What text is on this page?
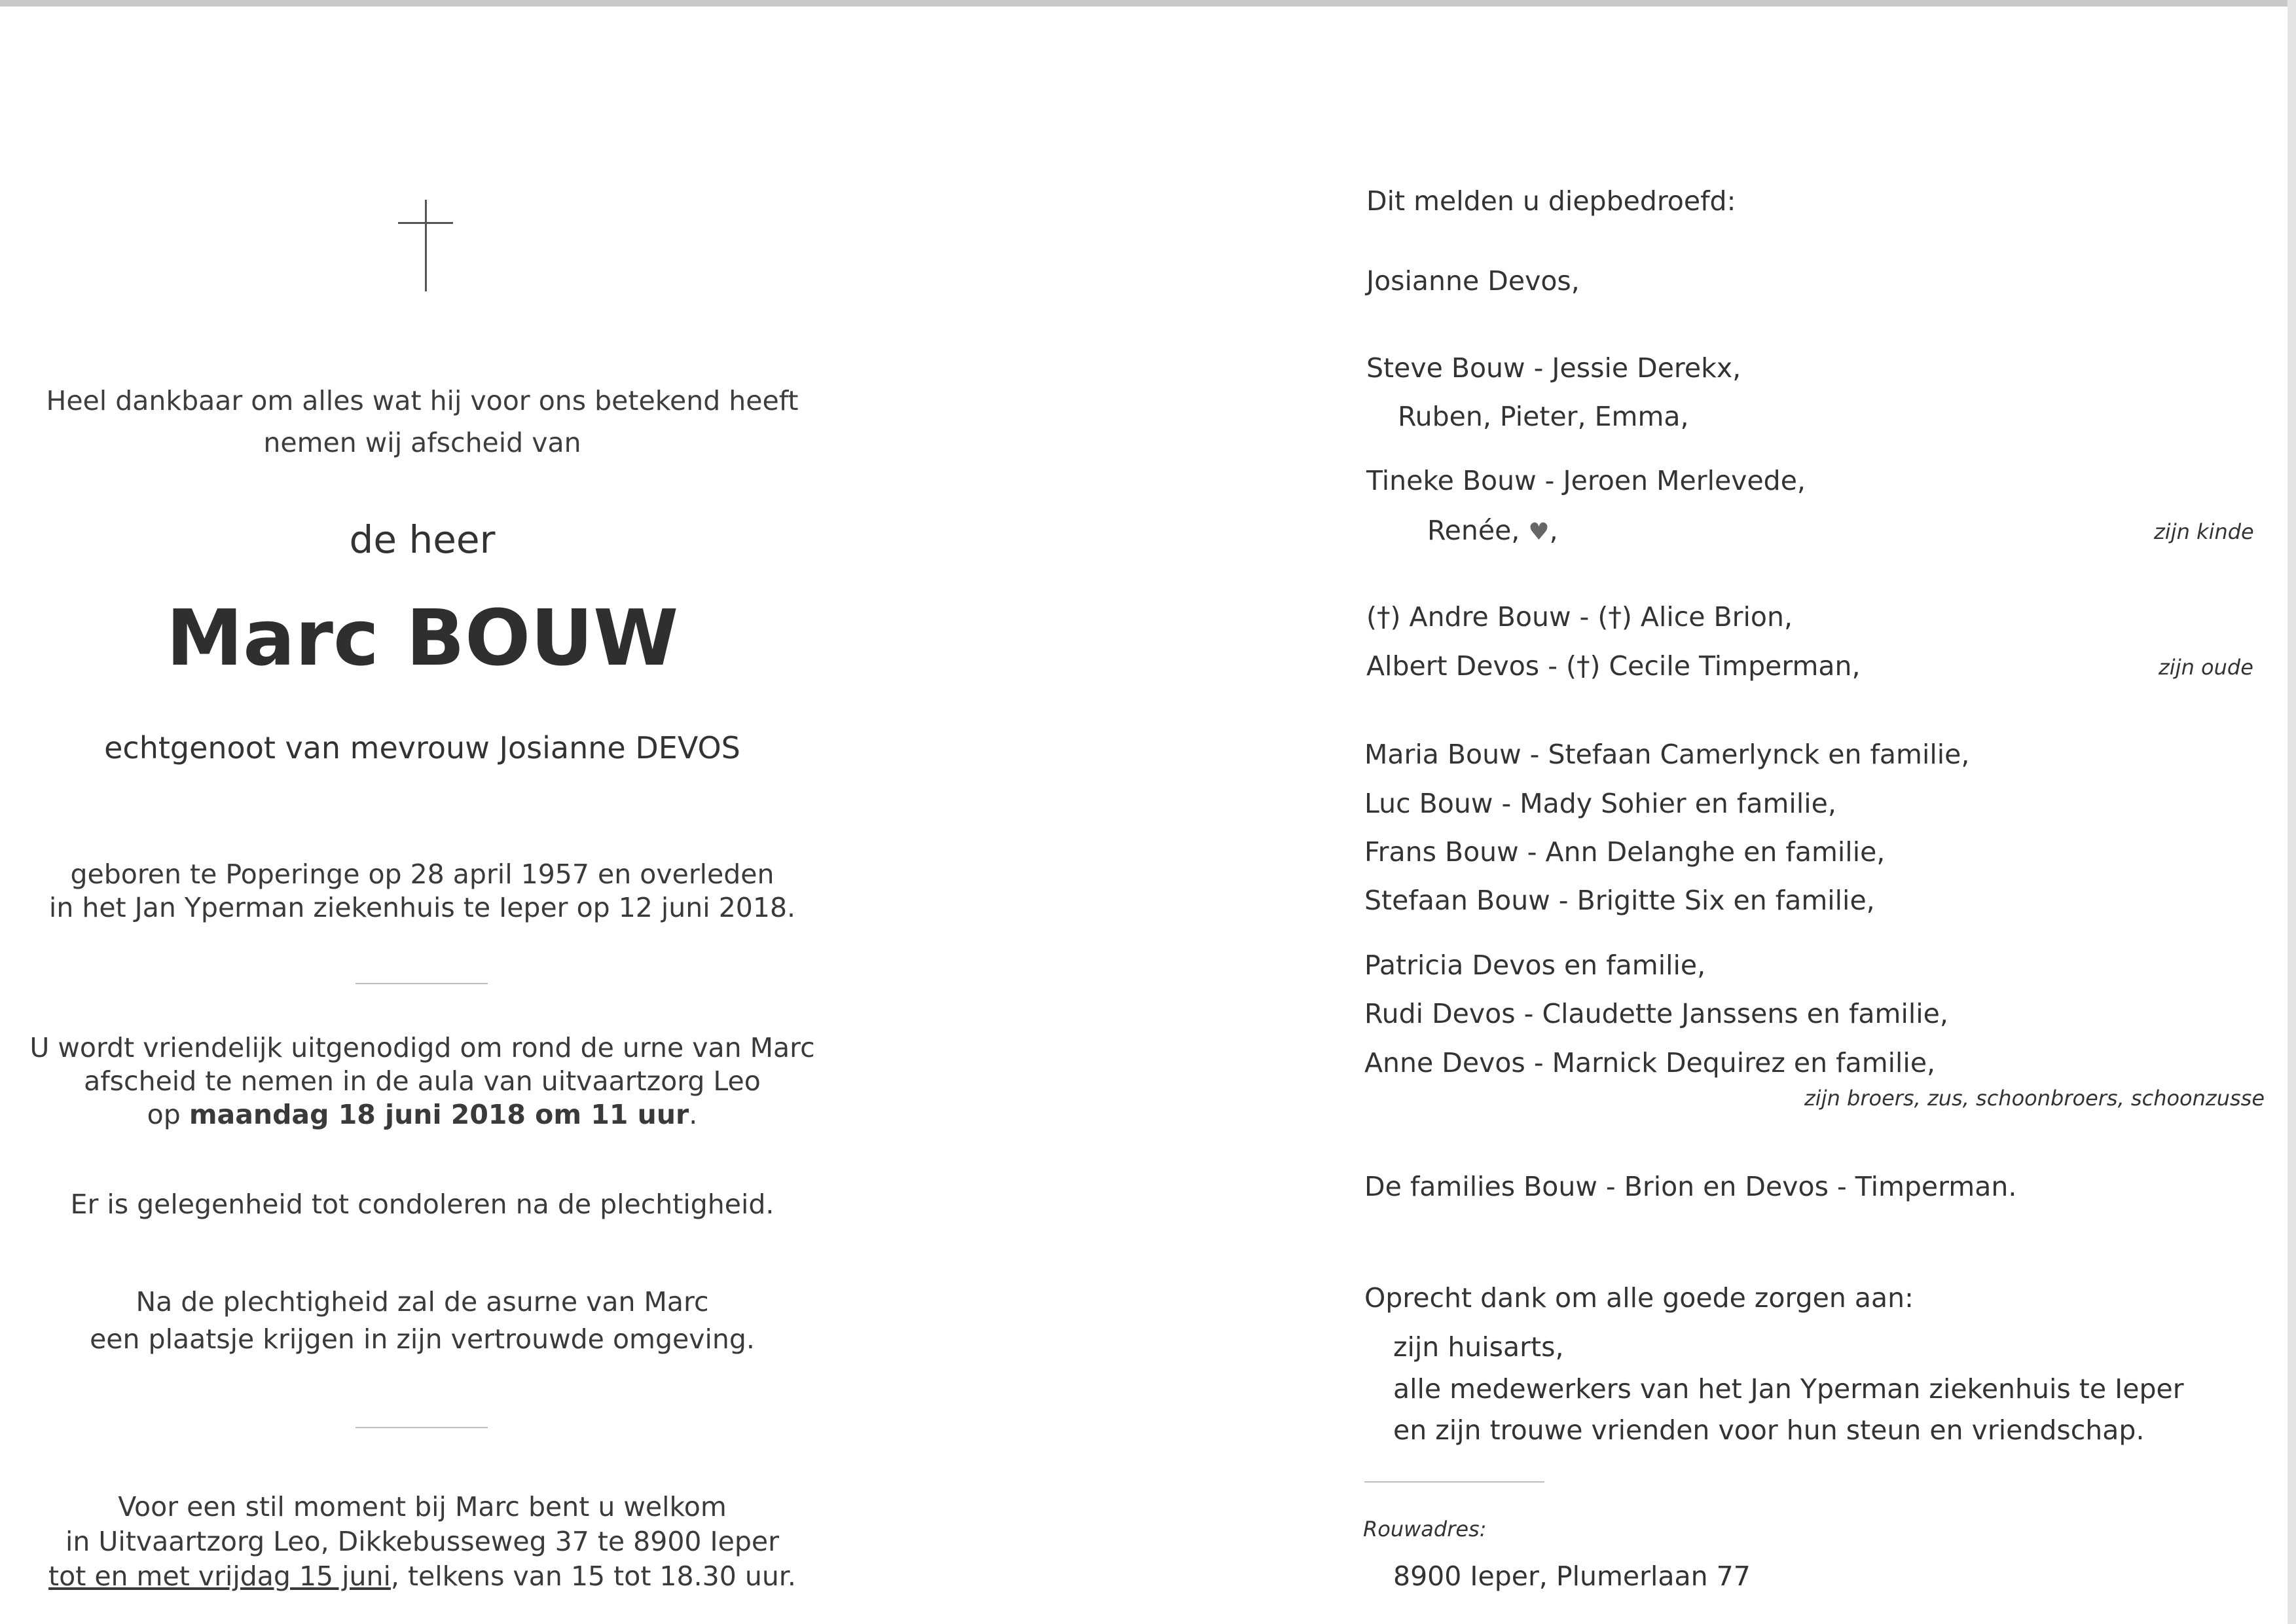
Heel dankbaar om alles wat hij voor ons betekend heeft
nemen wij afscheid van
de heer
Marc BOUW
echtgenoot van mevrouw Josianne DEVOS
geboren te Poperinge op 28 april 1957 en overleden
in het Jan Yperman ziekenhuis te Ieper op 12 juni 2018.
U wordt vriendelijk uitgenodigd om rond de urne van Marc
afscheid te nemen in de aula van uitvaartzorg Leo
op maandag 18 juni 2018 om 11 uur.
Er is gelegenheid tot condoleren na de plechtigheid.
Na de plechtigheid zal de asurne van Marc
een plaatsje krijgen in zijn vertrouwde omgeving.
Voor een stil moment bij Marc bent u welkom
in Uitvaartzorg Leo, Dikkebusseweg 37 te 8900 Ieper
tot en met vrijdag 15 juni, telkens van 15 tot 18.30 uur.
Dit melden u diepbedroefd:
Josianne Devos,
Steve Bouw - Jessie Derekx,
Ruben, Pieter, Emma,
Tineke Bouw - Jeroen Merlevede,
Renée, ♥,	zijn kinde
(†) Andre Bouw - (†) Alice Brion,
Albert Devos - (†) Cecile Timperman,	zijn oude
Maria Bouw - Stefaan Camerlynck en familie,
Luc Bouw - Mady Sohier en familie,
Frans Bouw - Ann Delanghe en familie,
Stefaan Bouw - Brigitte Six en familie,
Patricia Devos en familie,
Rudi Devos - Claudette Janssens en familie,
Anne Devos - Marnick Dequirez en familie,
zijn broers, zus, schoonbroers, schoonzusse
De families Bouw - Brion en Devos - Timperman.
Oprecht dank om alle goede zorgen aan:
zijn huisarts,
alle medewerkers van het Jan Yperman ziekenhuis te Ieper
en zijn trouwe vrienden voor hun steun en vriendschap.
Rouwadres:
8900 Ieper, Plumerlaan 77
